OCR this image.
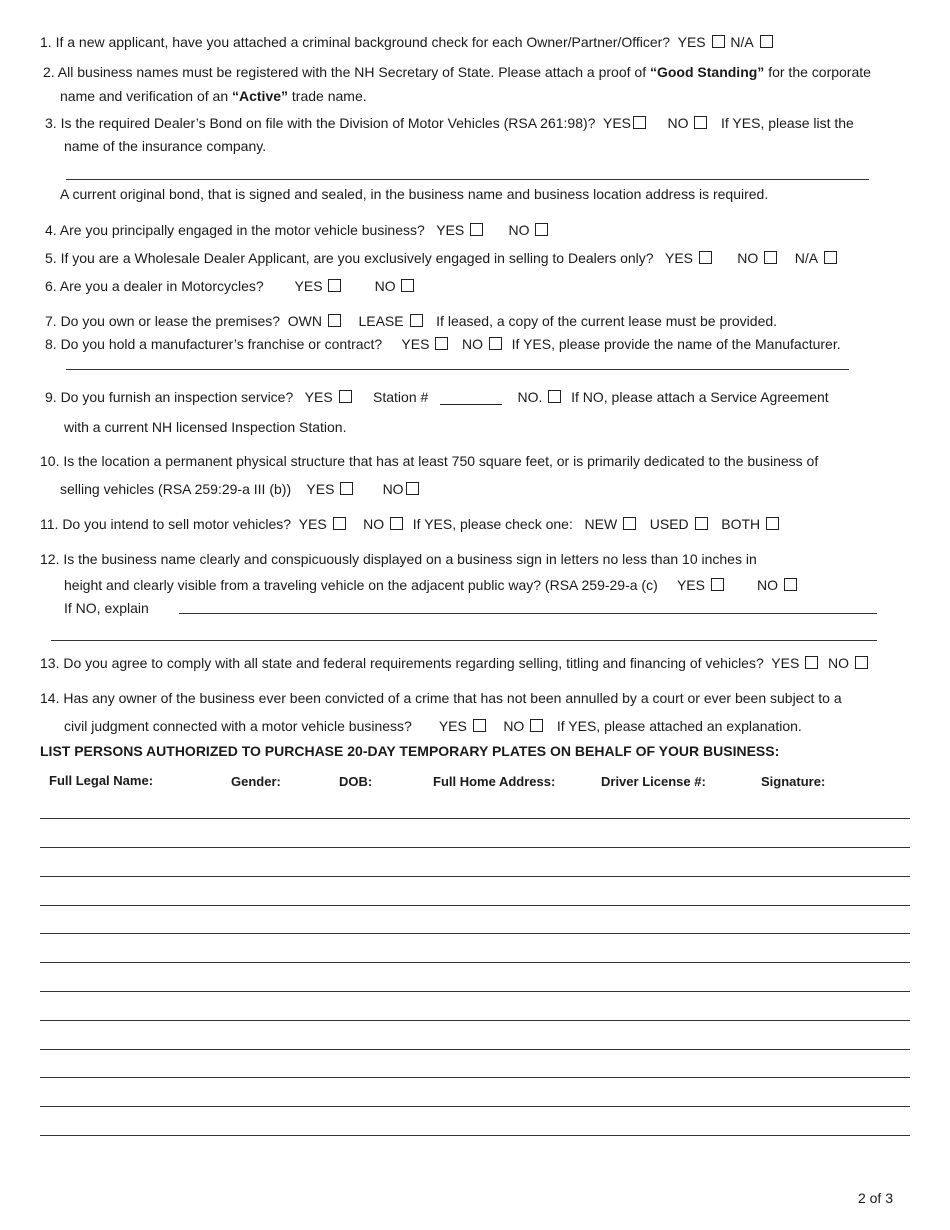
1. If a new applicant, have you attached a criminal background check for each Owner/Partner/Officer? YES N/A
2. All business names must be registered with the NH Secretary of State. Please attach a proof of “Good Standing” for the corporate
name and verification of an “Active” trade name.
3. Is the required Dealer’s Bond on file with the Division of Motor Vehicles (RSA 261:98)? YES	NO If YES, please list the
name of the insurance company.
A current original bond, that is signed and sealed, in the business name and business location address is required.
4. Are you principally engaged in the motor vehicle business? YES	NO
5. If you are a Wholesale Dealer Applicant, are you exclusively engaged in selling to Dealers only? YES	NO	N/A
6. Are you a dealer in Motorcycles? YES	NO
7. Do you own or lease the premises? OWN	LEASE If leased, a copy of the current lease must be provided.
8. Do you hold a manufacturer’s franchise or contract? YES NO If YES, please provide the name of the Manufacturer.
9. Do you furnish an inspection service? YES	Station #	NO. If NO, please attach a Service Agreement
with a current NH licensed Inspection Station.
10. Is the location a permanent physical structure that has at least 750 square feet, or is primarily dedicated to the business of
selling vehicles (RSA 259:29-a III (b)) YES	NO
11. Do you intend to sell motor vehicles? YES	NO If YES, please check one: NEW USED BOTH
12. Is the business name clearly and conspicuously displayed on a business sign in letters no less than 10 inches in
height and clearly visible from a traveling vehicle on the adjacent public way? (RSA 259-29-a (c) YES	NO
If NO, explain
13. Do you agree to comply with all state and federal requirements regarding selling, titling and financing of vehicles? YES NO
14. Has any owner of the business ever been convicted of a crime that has not been annulled by a court or ever been subject to a
civil judgment connected with a motor vehicle business? YES	NO If YES, please attached an explanation.
LIST PERSONS AUTHORIZED TO PURCHASE 20-DAY TEMPORARY PLATES ON BEHALF OF YOUR BUSINESS:
Full Legal Name:	Gender:	DOB:	Full Home Address:	Driver License #:	Signature:
2 of 3
